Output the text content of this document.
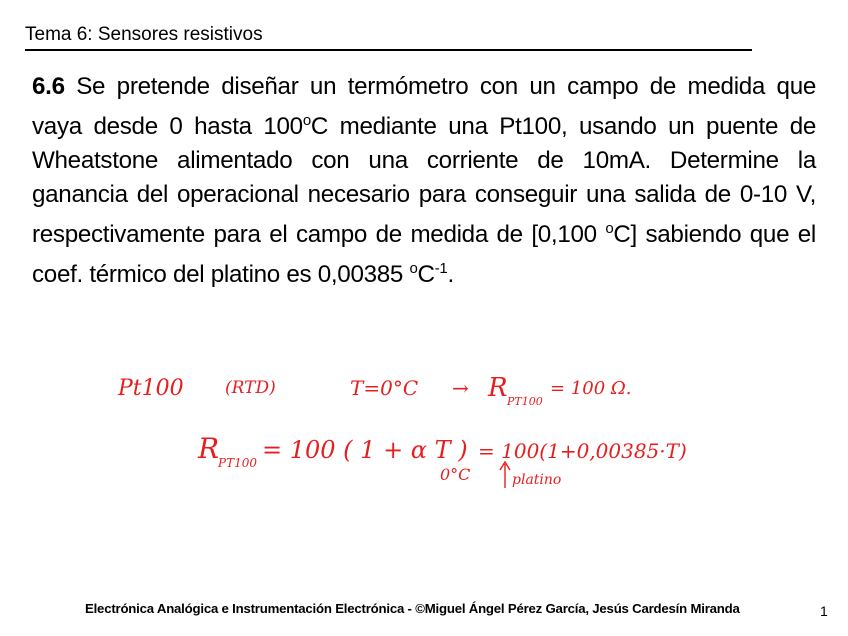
Tema 6: Sensores resistivos
6.6 Se pretende diseñar un termómetro con un campo de medida que vaya desde 0 hasta 100$^o$C mediante una Pt100, usando un puente de Wheatstone alimentado con una corriente de 10mA. Determine la ganancia del operacional necesario para conseguir una salida de 0-10 V, respectivamente para el campo de medida de [0,100 $^o$C] sabiendo que el coef. térmico del platino es 0,00385 $^oC^{-1}$.
Pt100 (RTD)	T=0°C → R PT100
= 100 Ω.
R
PT100 = 100 ( 1 + α T ) = 100(1+0,00385·T)
0°C	platino
Electrónica Analógica e Instrumentación Electrónica - ©Miguel Ángel Pérez García, Jesús Cardesín Miranda	1
